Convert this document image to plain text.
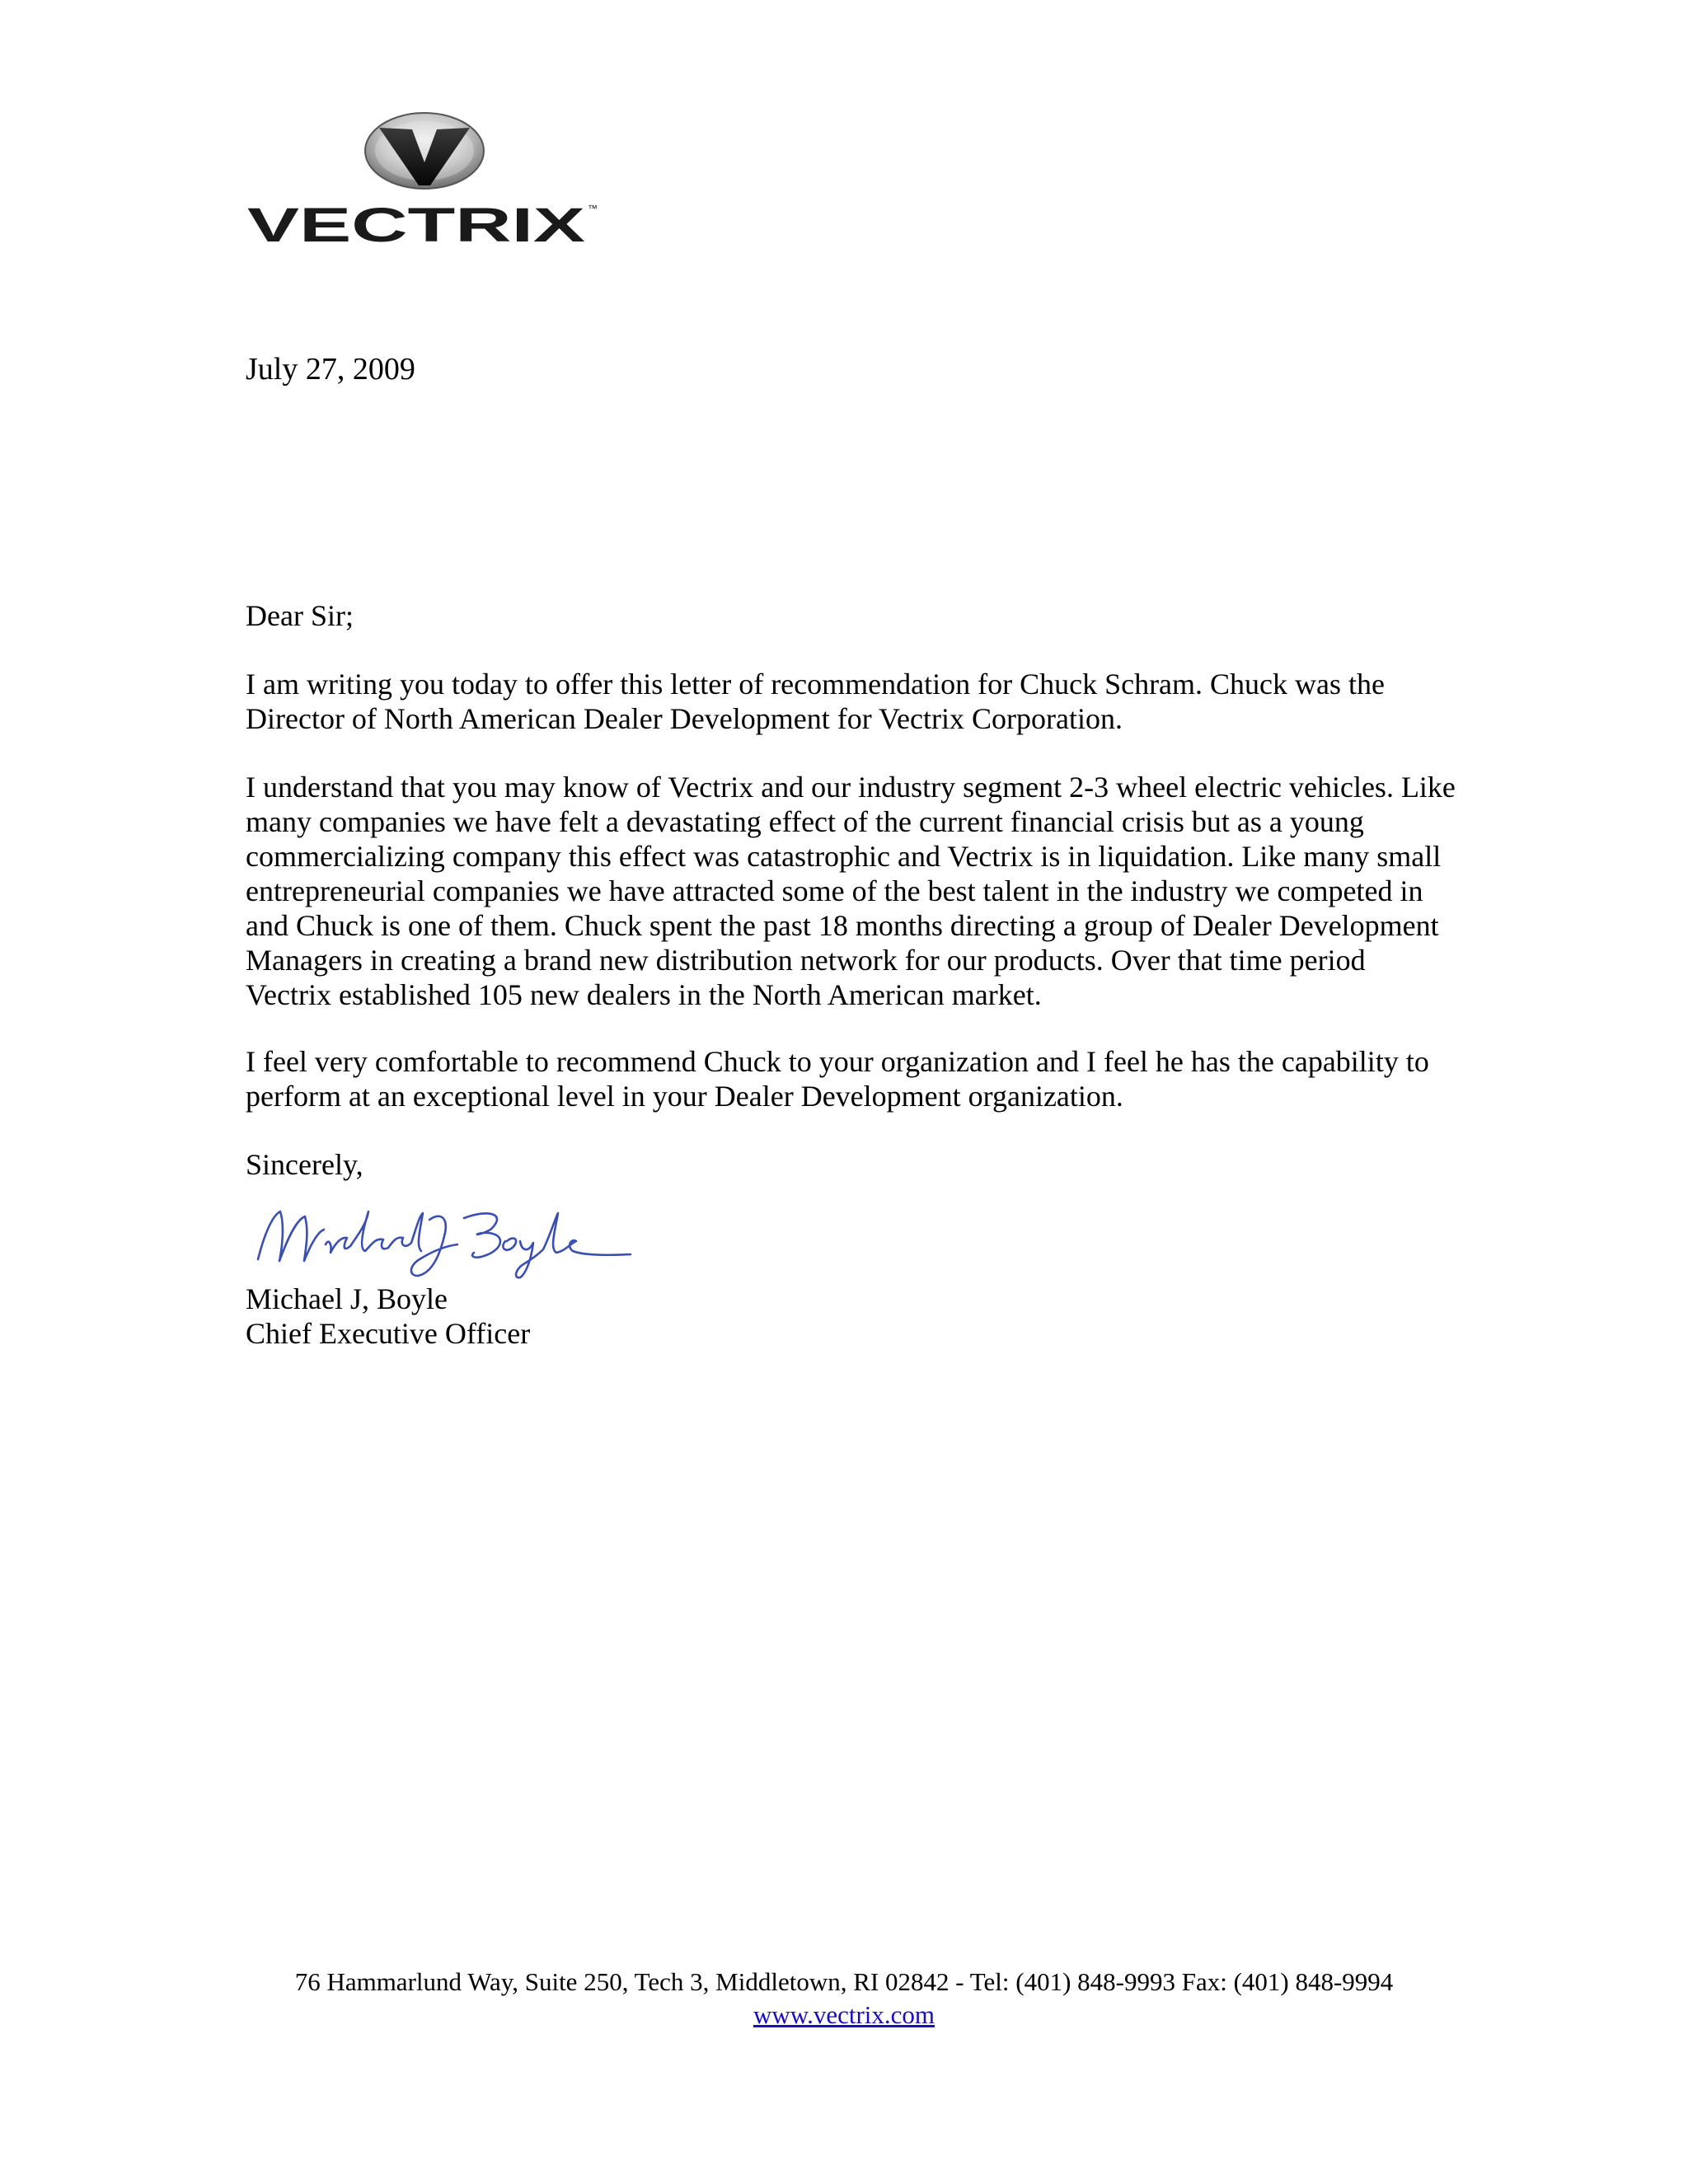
VECTRIX ™
July 27, 2009
Dear Sir;
I am writing you today to offer this letter of recommendation for Chuck Schram. Chuck was the
Director of North American Dealer Development for Vectrix Corporation.
I understand that you may know of Vectrix and our industry segment 2-3 wheel electric vehicles. Like
many companies we have felt a devastating effect of the current financial crisis but as a young
commercializing company this effect was catastrophic and Vectrix is in liquidation. Like many small
entrepreneurial companies we have attracted some of the best talent in the industry we competed in
and Chuck is one of them. Chuck spent the past 18 months directing a group of Dealer Development
Managers in creating a brand new distribution network for our products. Over that time period
Vectrix established 105 new dealers in the North American market.
I feel very comfortable to recommend Chuck to your organization and I feel he has the capability to
perform at an exceptional level in your Dealer Development organization.
Sincerely,
Michael J, Boyle
Chief Executive Officer
76 Hammarlund Way, Suite 250, Tech 3, Middletown, RI 02842 - Tel: (401) 848-9993 Fax: (401) 848-9994
www.vectrix.com
